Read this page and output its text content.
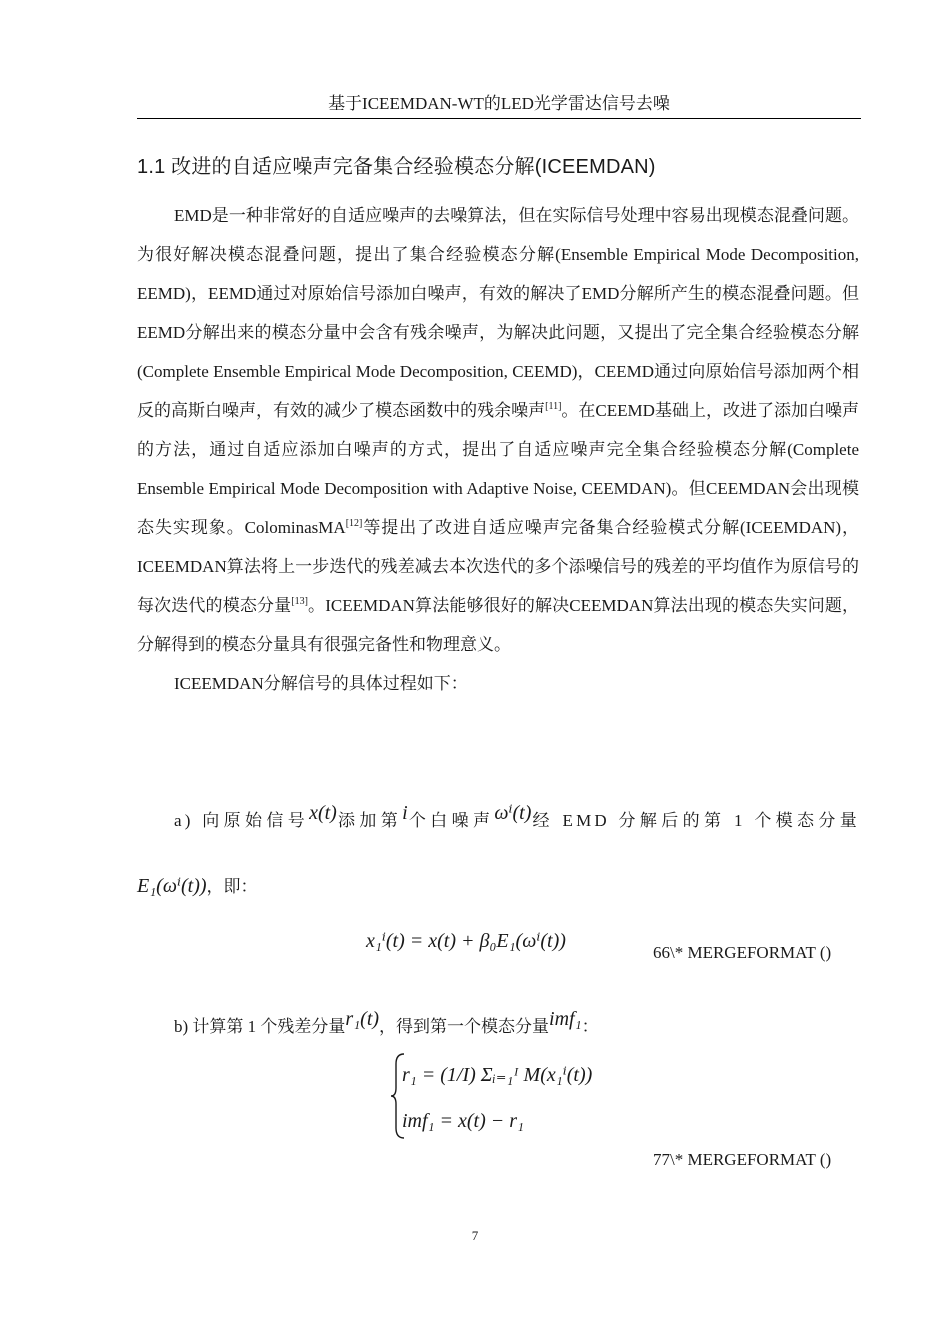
基于ICEEMDAN-WT的LED光学雷达信号去噪
1.1 改进的自适应噪声完备集合经验模态分解(ICEEMDAN)

EMD是一种非常好的自适应噪声的去噪算法，但在实际信号处理中容易出现模态混叠问题。为很好解决模态混叠问题，提出了集合经验模态分解(Ensemble Empirical Mode Decomposition, EEMD)，EEMD通过对原始信号添加白噪声，有效的解决了EMD分解所产生的模态混叠问题。但EEMD分解出来的模态分量中会含有残余噪声，为解决此问题，又提出了完全集合经验模态分解(Complete Ensemble Empirical Mode Decomposition, CEEMD)，CEEMD通过向原始信号添加两个相反的高斯白噪声，有效的减少了模态函数中的残余噪声[11]。在CEEMD基础上，改进了添加白噪声的方法，通过自适应添加白噪声的方式，提出了自适应噪声完全集合经验模态分解(Complete Ensemble Empirical Mode Decomposition with Adaptive Noise, CEEMDAN)。但CEEMDAN会出现模态失实现象。ColominasMA[12]等提出了改进自适应噪声完备集合经验模式分解(ICEEMDAN)，ICEEMDAN算法将上一步迭代的残差减去本次迭代的多个添噪信号的残差的平均值作为原信号的每次迭代的模态分量[13]。ICEEMDAN算法能够很好的解决CEEMDAN算法出现的模态失实问题，分解得到的模态分量具有很强完备性和物理意义。

ICEEMDAN分解信号的具体过程如下：

a) 向原始信号x(t)添加第i个白噪声ωⁱ(t)经 EMD 分解后的第 1 个模态分量
E₁(ωⁱ(t))，即：
x₁ⁱ(t) = x(t) + β₀E₁(ωⁱ(t))
66\* MERGEFORMAT ()
b) 计算第 1 个残差分量r₁(t)，得到第一个模态分量imf₁：
r₁ = (1/I) Σᵢ₌₁ᴵ M(x₁ⁱ(t))
imf₁ = x(t) − r₁
77\* MERGEFORMAT ()
7
